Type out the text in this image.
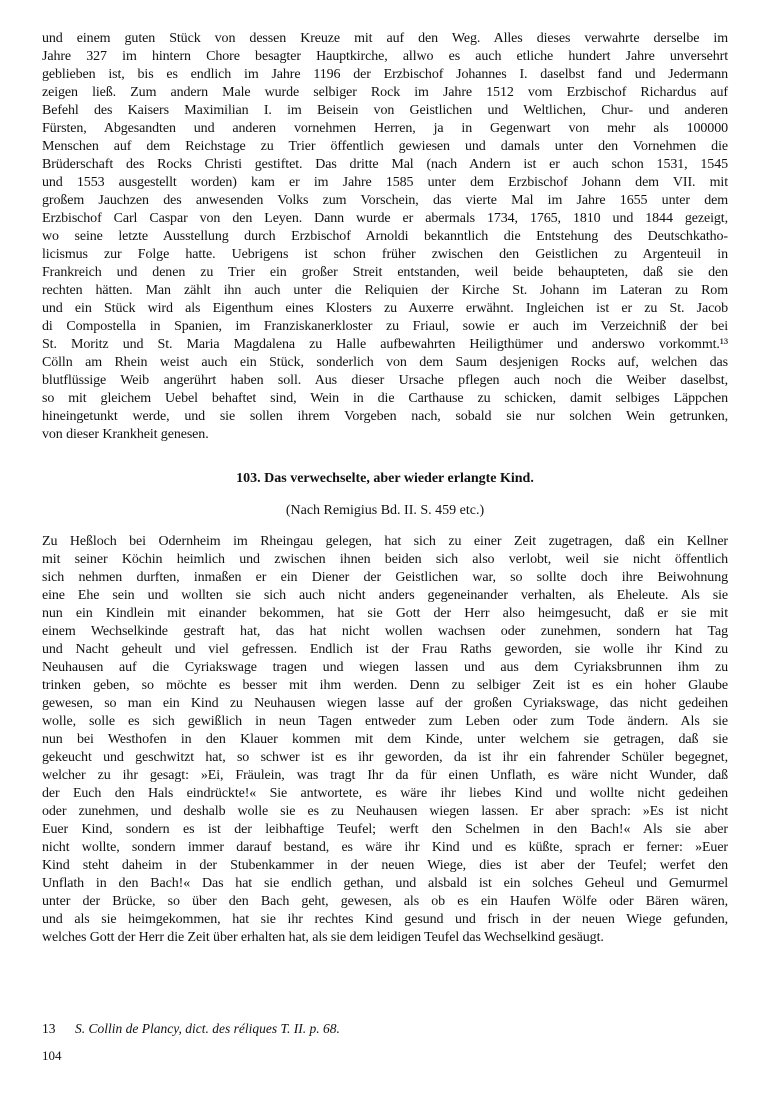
und einem guten Stück von dessen Kreuze mit auf den Weg. Alles dieses verwahrte derselbe im
Jahre 327 im hintern Chore besagter Hauptkirche, allwo es auch etliche hundert Jahre unversehrt
geblieben ist, bis es endlich im Jahre 1196 der Erzbischof Johannes I. daselbst fand und Jedermann
zeigen ließ. Zum andern Male wurde selbiger Rock im Jahre 1512 vom Erzbischof Richardus auf
Befehl des Kaisers Maximilian I. im Beisein von Geistlichen und Weltlichen, Chur- und anderen
Fürsten, Abgesandten und anderen vornehmen Herren, ja in Gegenwart von mehr als 100000
Menschen auf dem Reichstage zu Trier öffentlich gewiesen und damals unter den Vornehmen die
Brüderschaft des Rocks Christi gestiftet. Das dritte Mal (nach Andern ist er auch schon 1531, 1545
und 1553 ausgestellt worden) kam er im Jahre 1585 unter dem Erzbischof Johann dem VII. mit
großem Jauchzen des anwesenden Volks zum Vorschein, das vierte Mal im Jahre 1655 unter dem
Erzbischof Carl Caspar von den Leyen. Dann wurde er abermals 1734, 1765, 1810 und 1844 gezeigt,
wo seine letzte Ausstellung durch Erzbischof Arnoldi bekanntlich die Entstehung des Deutschkatho-
licismus zur Folge hatte. Uebrigens ist schon früher zwischen den Geistlichen zu Argenteuil in
Frankreich und denen zu Trier ein großer Streit entstanden, weil beide behaupteten, daß sie den
rechten hätten. Man zählt ihn auch unter die Reliquien der Kirche St. Johann im Lateran zu Rom
und ein Stück wird als Eigenthum eines Klosters zu Auxerre erwähnt. Ingleichen ist er zu St. Jacob
di Compostella in Spanien, im Franziskanerkloster zu Friaul, sowie er auch im Verzeichniß der bei
St. Moritz und St. Maria Magdalena zu Halle aufbewahrten Heiligthümer und anderswo vorkommt.¹³
Cölln am Rhein weist auch ein Stück, sonderlich von dem Saum desjenigen Rocks auf, welchen das
blutflüssige Weib angerührt haben soll. Aus dieser Ursache pflegen auch noch die Weiber daselbst,
so mit gleichem Uebel behaftet sind, Wein in die Carthause zu schicken, damit selbiges Läppchen
hineingetunkt werde, und sie sollen ihrem Vorgeben nach, sobald sie nur solchen Wein getrunken,
von dieser Krankheit genesen.
103. Das verwechselte, aber wieder erlangte Kind.
(Nach Remigius Bd. II. S. 459 etc.)
Zu Heßloch bei Odernheim im Rheingau gelegen, hat sich zu einer Zeit zugetragen, daß ein Kellner
mit seiner Köchin heimlich und zwischen ihnen beiden sich also verlobt, weil sie nicht öffentlich
sich nehmen durften, inmaßen er ein Diener der Geistlichen war, so sollte doch ihre Beiwohnung
eine Ehe sein und wollten sie sich auch nicht anders gegeneinander verhalten, als Eheleute. Als sie
nun ein Kindlein mit einander bekommen, hat sie Gott der Herr also heimgesucht, daß er sie mit
einem Wechselkinde gestraft hat, das hat nicht wollen wachsen oder zunehmen, sondern hat Tag
und Nacht geheult und viel gefressen. Endlich ist der Frau Raths geworden, sie wolle ihr Kind zu
Neuhausen auf die Cyriakswage tragen und wiegen lassen und aus dem Cyriaksbrunnen ihm zu
trinken geben, so möchte es besser mit ihm werden. Denn zu selbiger Zeit ist es ein hoher Glaube
gewesen, so man ein Kind zu Neuhausen wiegen lasse auf der großen Cyriakswage, das nicht gedeihen
wolle, solle es sich gewißlich in neun Tagen entweder zum Leben oder zum Tode ändern. Als sie
nun bei Westhofen in den Klauer kommen mit dem Kinde, unter welchem sie getragen, daß sie
gekeucht und geschwitzt hat, so schwer ist es ihr geworden, da ist ihr ein fahrender Schüler begegnet,
welcher zu ihr gesagt: »Ei, Fräulein, was tragt Ihr da für einen Unflath, es wäre nicht Wunder, daß
der Euch den Hals eindrückte!« Sie antwortete, es wäre ihr liebes Kind und wollte nicht gedeihen
oder zunehmen, und deshalb wolle sie es zu Neuhausen wiegen lassen. Er aber sprach: »Es ist nicht
Euer Kind, sondern es ist der leibhaftige Teufel; werft den Schelmen in den Bach!« Als sie aber
nicht wollte, sondern immer darauf bestand, es wäre ihr Kind und es küßte, sprach er ferner: »Euer
Kind steht daheim in der Stubenkammer in der neuen Wiege, dies ist aber der Teufel; werfet den
Unflath in den Bach!« Das hat sie endlich gethan, und alsbald ist ein solches Geheul und Gemurmel
unter der Brücke, so über den Bach geht, gewesen, als ob es ein Haufen Wölfe oder Bären wären,
und als sie heimgekommen, hat sie ihr rechtes Kind gesund und frisch in der neuen Wiege gefunden,
welches Gott der Herr die Zeit über erhalten hat, als sie dem leidigen Teufel das Wechselkind gesäugt.
13	S. Collin de Plancy, dict. des réliques T. II. p. 68.
104
